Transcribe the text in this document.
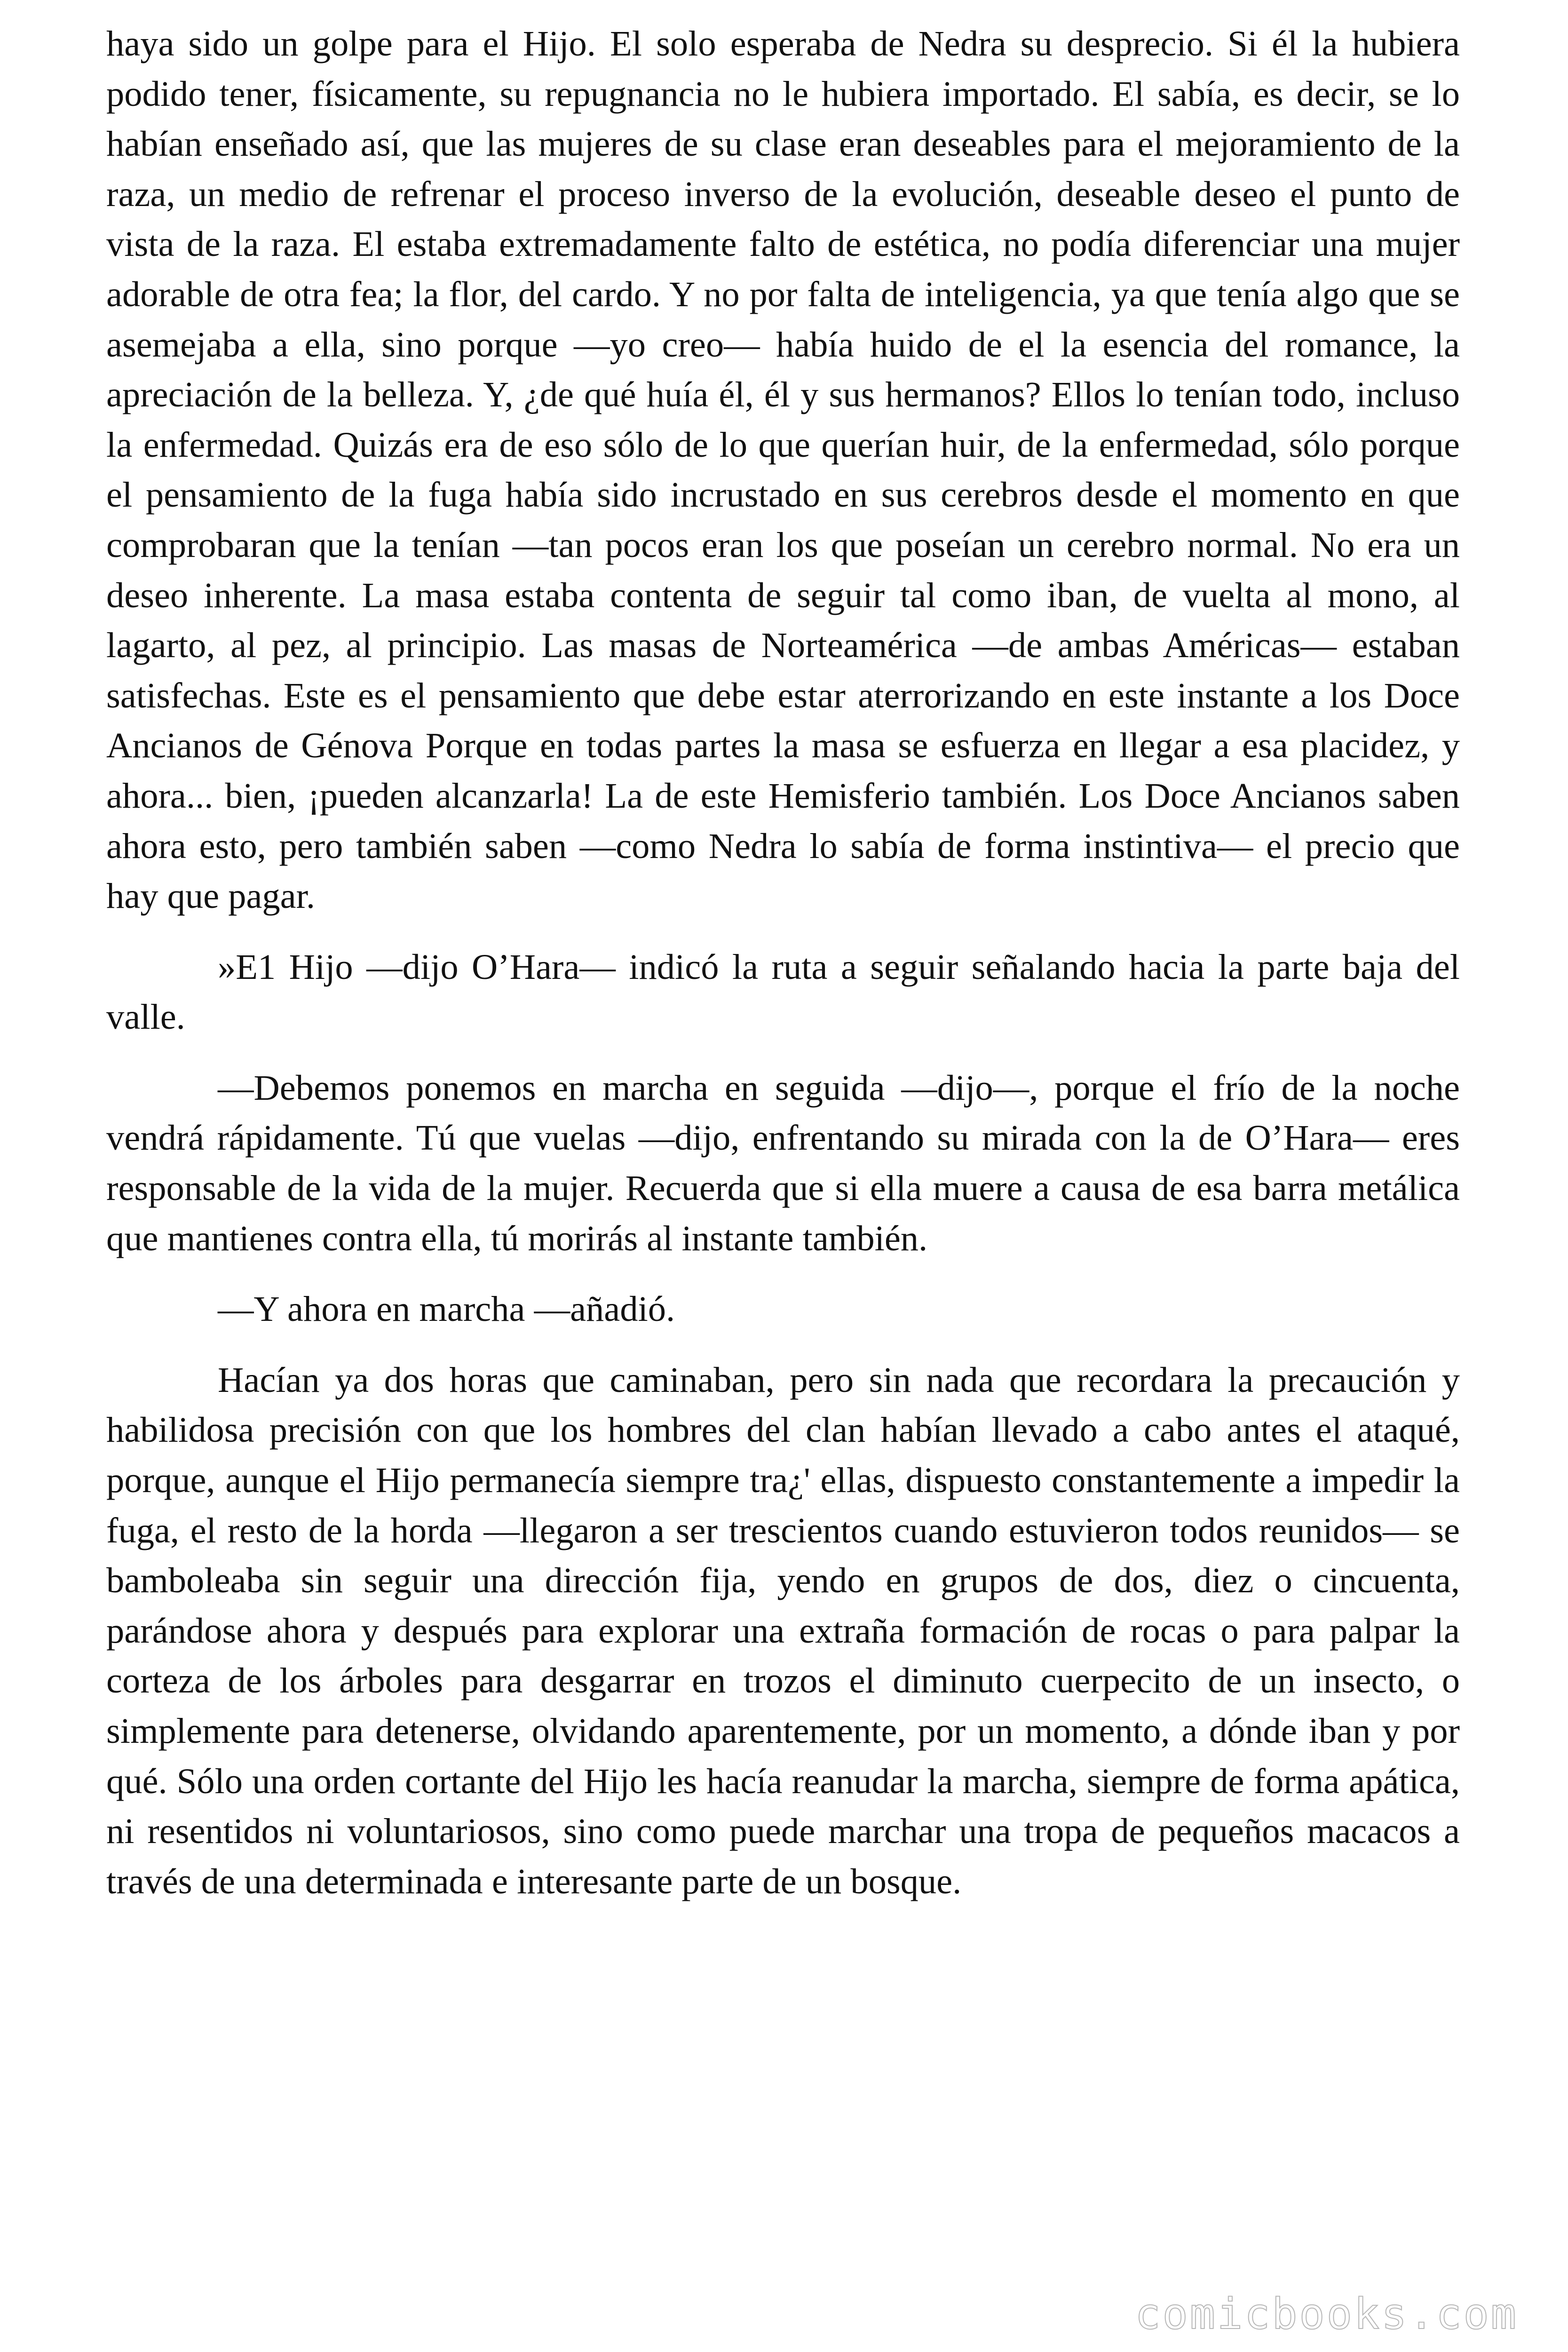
haya sido un golpe para el Hijo. El solo esperaba de Nedra su desprecio. Si él la hubiera podido tener, físicamente, su repugnancia no le hubiera importado. El sabía, es decir, se lo habían enseñado así, que las mujeres de su clase eran deseables para el mejoramiento de la raza, un medio de refrenar el proceso inverso de la evolución, deseable deseo el punto de vista de la raza. El estaba extremadamente falto de estética, no podía diferenciar una mujer adorable de otra fea; la flor, del cardo. Y no por falta de inteligencia, ya que tenía algo que se asemejaba a ella, sino porque —yo creo— había huido de el la esencia del romance, la apreciación de la belleza. Y, ¿de qué huía él, él y sus hermanos? Ellos lo tenían todo, incluso la enfermedad. Quizás era de eso sólo de lo que querían huir, de la enfermedad, sólo porque el pensamiento de la fuga había sido incrustado en sus cerebros desde el momento en que comprobaran que la tenían —tan pocos eran los que poseían un cerebro normal. No era un deseo inherente. La masa estaba contenta de seguir tal como iban, de vuelta al mono, al lagarto, al pez, al principio. Las masas de Norteamérica —de ambas Américas— estaban satisfechas. Este es el pensamiento que debe estar aterrorizando en este instante a los Doce Ancianos de Génova Porque en todas partes la masa se esfuerza en llegar a esa placidez, y ahora... bien, ¡pueden alcanzarla! La de este Hemisferio también. Los Doce Ancianos saben ahora esto, pero también saben —como Nedra lo sabía de forma instintiva— el precio que hay que pagar.

»E1 Hijo —dijo O’Hara— indicó la ruta a seguir señalando hacia la parte baja del valle.

—Debemos ponemos en marcha en seguida —dijo—, porque el frío de la noche vendrá rápidamente. Tú que vuelas —dijo, enfrentando su mirada con la de O’Hara— eres responsable de la vida de la mujer. Recuerda que si ella muere a causa de esa barra metálica que mantienes contra ella, tú morirás al instante también.

—Y ahora en marcha —añadió.

Hacían ya dos horas que caminaban, pero sin nada que recordara la precaución y habilidosa precisión con que los hombres del clan habían llevado a cabo antes el ataqué, porque, aunque el Hijo permanecía siempre tra¿' ellas, dispuesto constantemente a impedir la fuga, el resto de la horda —llegaron a ser trescientos cuando estuvieron todos reunidos— se bamboleaba sin seguir una dirección fija, yendo en grupos de dos, diez o cincuenta, parándose ahora y después para explorar una extraña formación de rocas o para palpar la corteza de los árboles para desgarrar en trozos el diminuto cuerpecito de un insecto, o simplemente para detenerse, olvidando aparentemente, por un momento, a dónde iban y por qué. Sólo una orden cortante del Hijo les hacía reanudar la marcha, siempre de forma apática, ni resentidos ni voluntariosos, sino como puede marchar una tropa de pequeños macacos a través de una determinada e interesante parte de un bosque.

comicbooks.com
